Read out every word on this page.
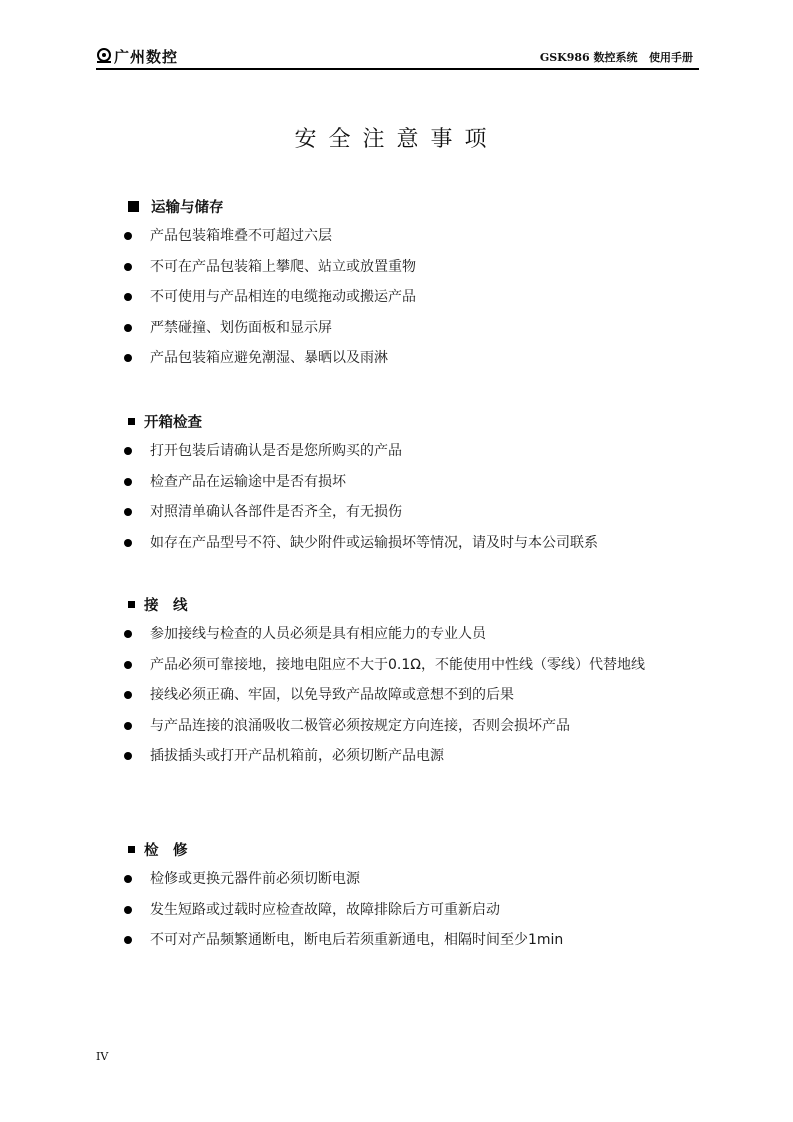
广州数控	GSK986 数控系统   使用手册
安全注意事项
运输与储存
产品包装箱堆叠不可超过六层
不可在产品包装箱上攀爬、站立或放置重物
不可使用与产品相连的电缆拖动或搬运产品
严禁碰撞、划伤面板和显示屏
产品包装箱应避免潮湿、暴晒以及雨淋
开箱检查
打开包装后请确认是否是您所购买的产品
检查产品在运输途中是否有损坏
对照清单确认各部件是否齐全，有无损伤
如存在产品型号不符、缺少附件或运输损坏等情况，请及时与本公司联系
接　线
参加接线与检查的人员必须是具有相应能力的专业人员
产品必须可靠接地，接地电阻应不大于0.1Ω，不能使用中性线（零线）代替地线
接线必须正确、牢固，以免导致产品故障或意想不到的后果
与产品连接的浪涌吸收二极管必须按规定方向连接，否则会损坏产品
插拔插头或打开产品机箱前，必须切断产品电源
检　修
检修或更换元器件前必须切断电源
发生短路或过载时应检查故障，故障排除后方可重新启动
不可对产品频繁通断电，断电后若须重新通电，相隔时间至少1min
IV
